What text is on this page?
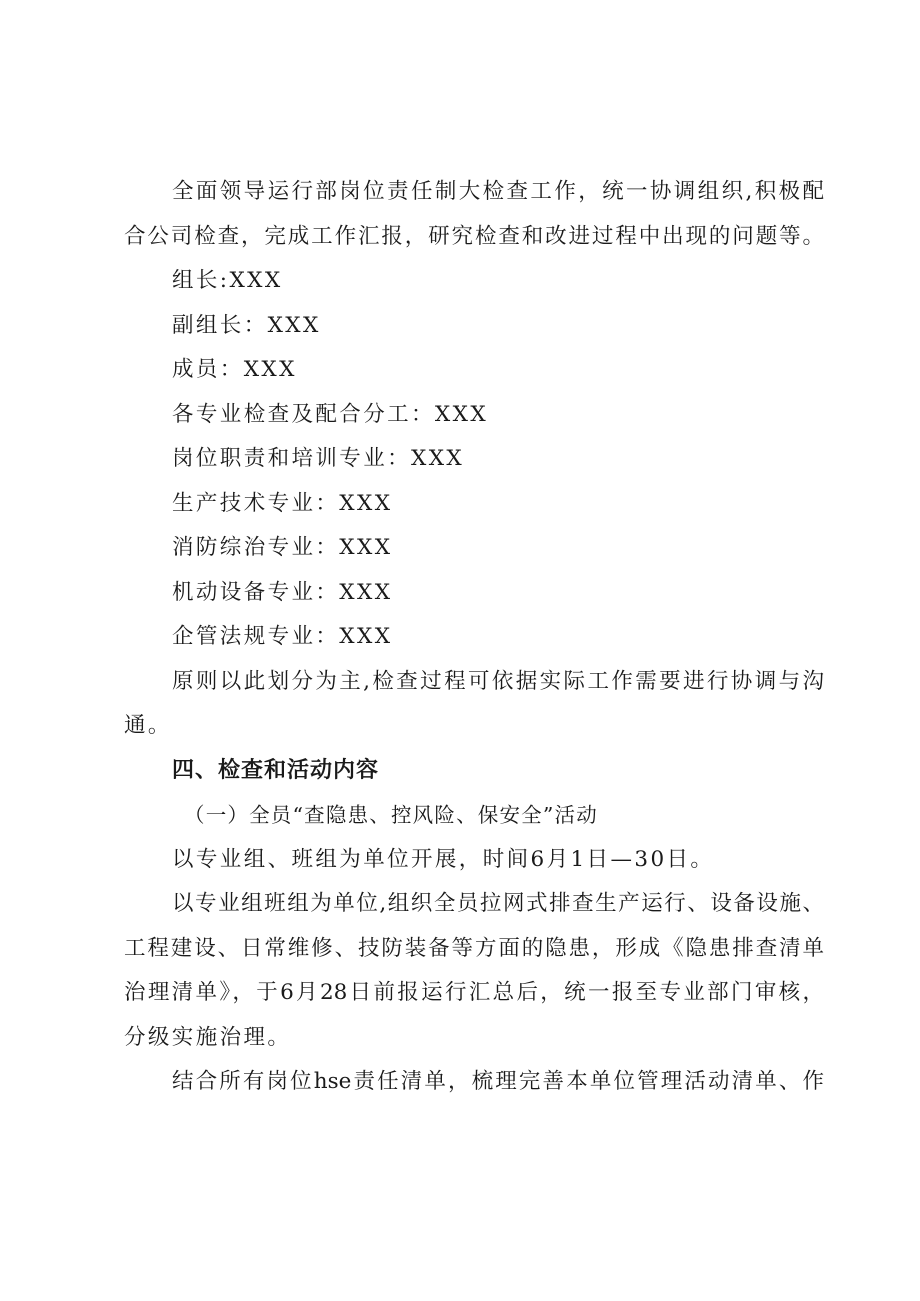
全面领导运行部岗位责任制大检查工作，统一协调组织,积极配
合公司检查，完成工作汇报，研究检查和改进过程中出现的问题等。
组长:XXX
副组长：XXX
成员：XXX
各专业检查及配合分工：XXX
岗位职责和培训专业：XXX
生产技术专业：XXX
消防综治专业：XXX
机动设备专业：XXX
企管法规专业：XXX
原则以此划分为主,检查过程可依据实际工作需要进行协调与沟
通。
四、检查和活动内容
（一）全员“查隐患、控风险、保安全”活动
以专业组、班组为单位开展，时间6月1日—30日。
以专业组班组为单位,组织全员拉网式排查生产运行、设备设施、
工程建设、日常维修、技防装备等方面的隐患，形成《隐患排查清单
治理清单》，于6月28日前报运行汇总后，统一报至专业部门审核，
分级实施治理。
结合所有岗位hse责任清单，梳理完善本单位管理活动清单、作
